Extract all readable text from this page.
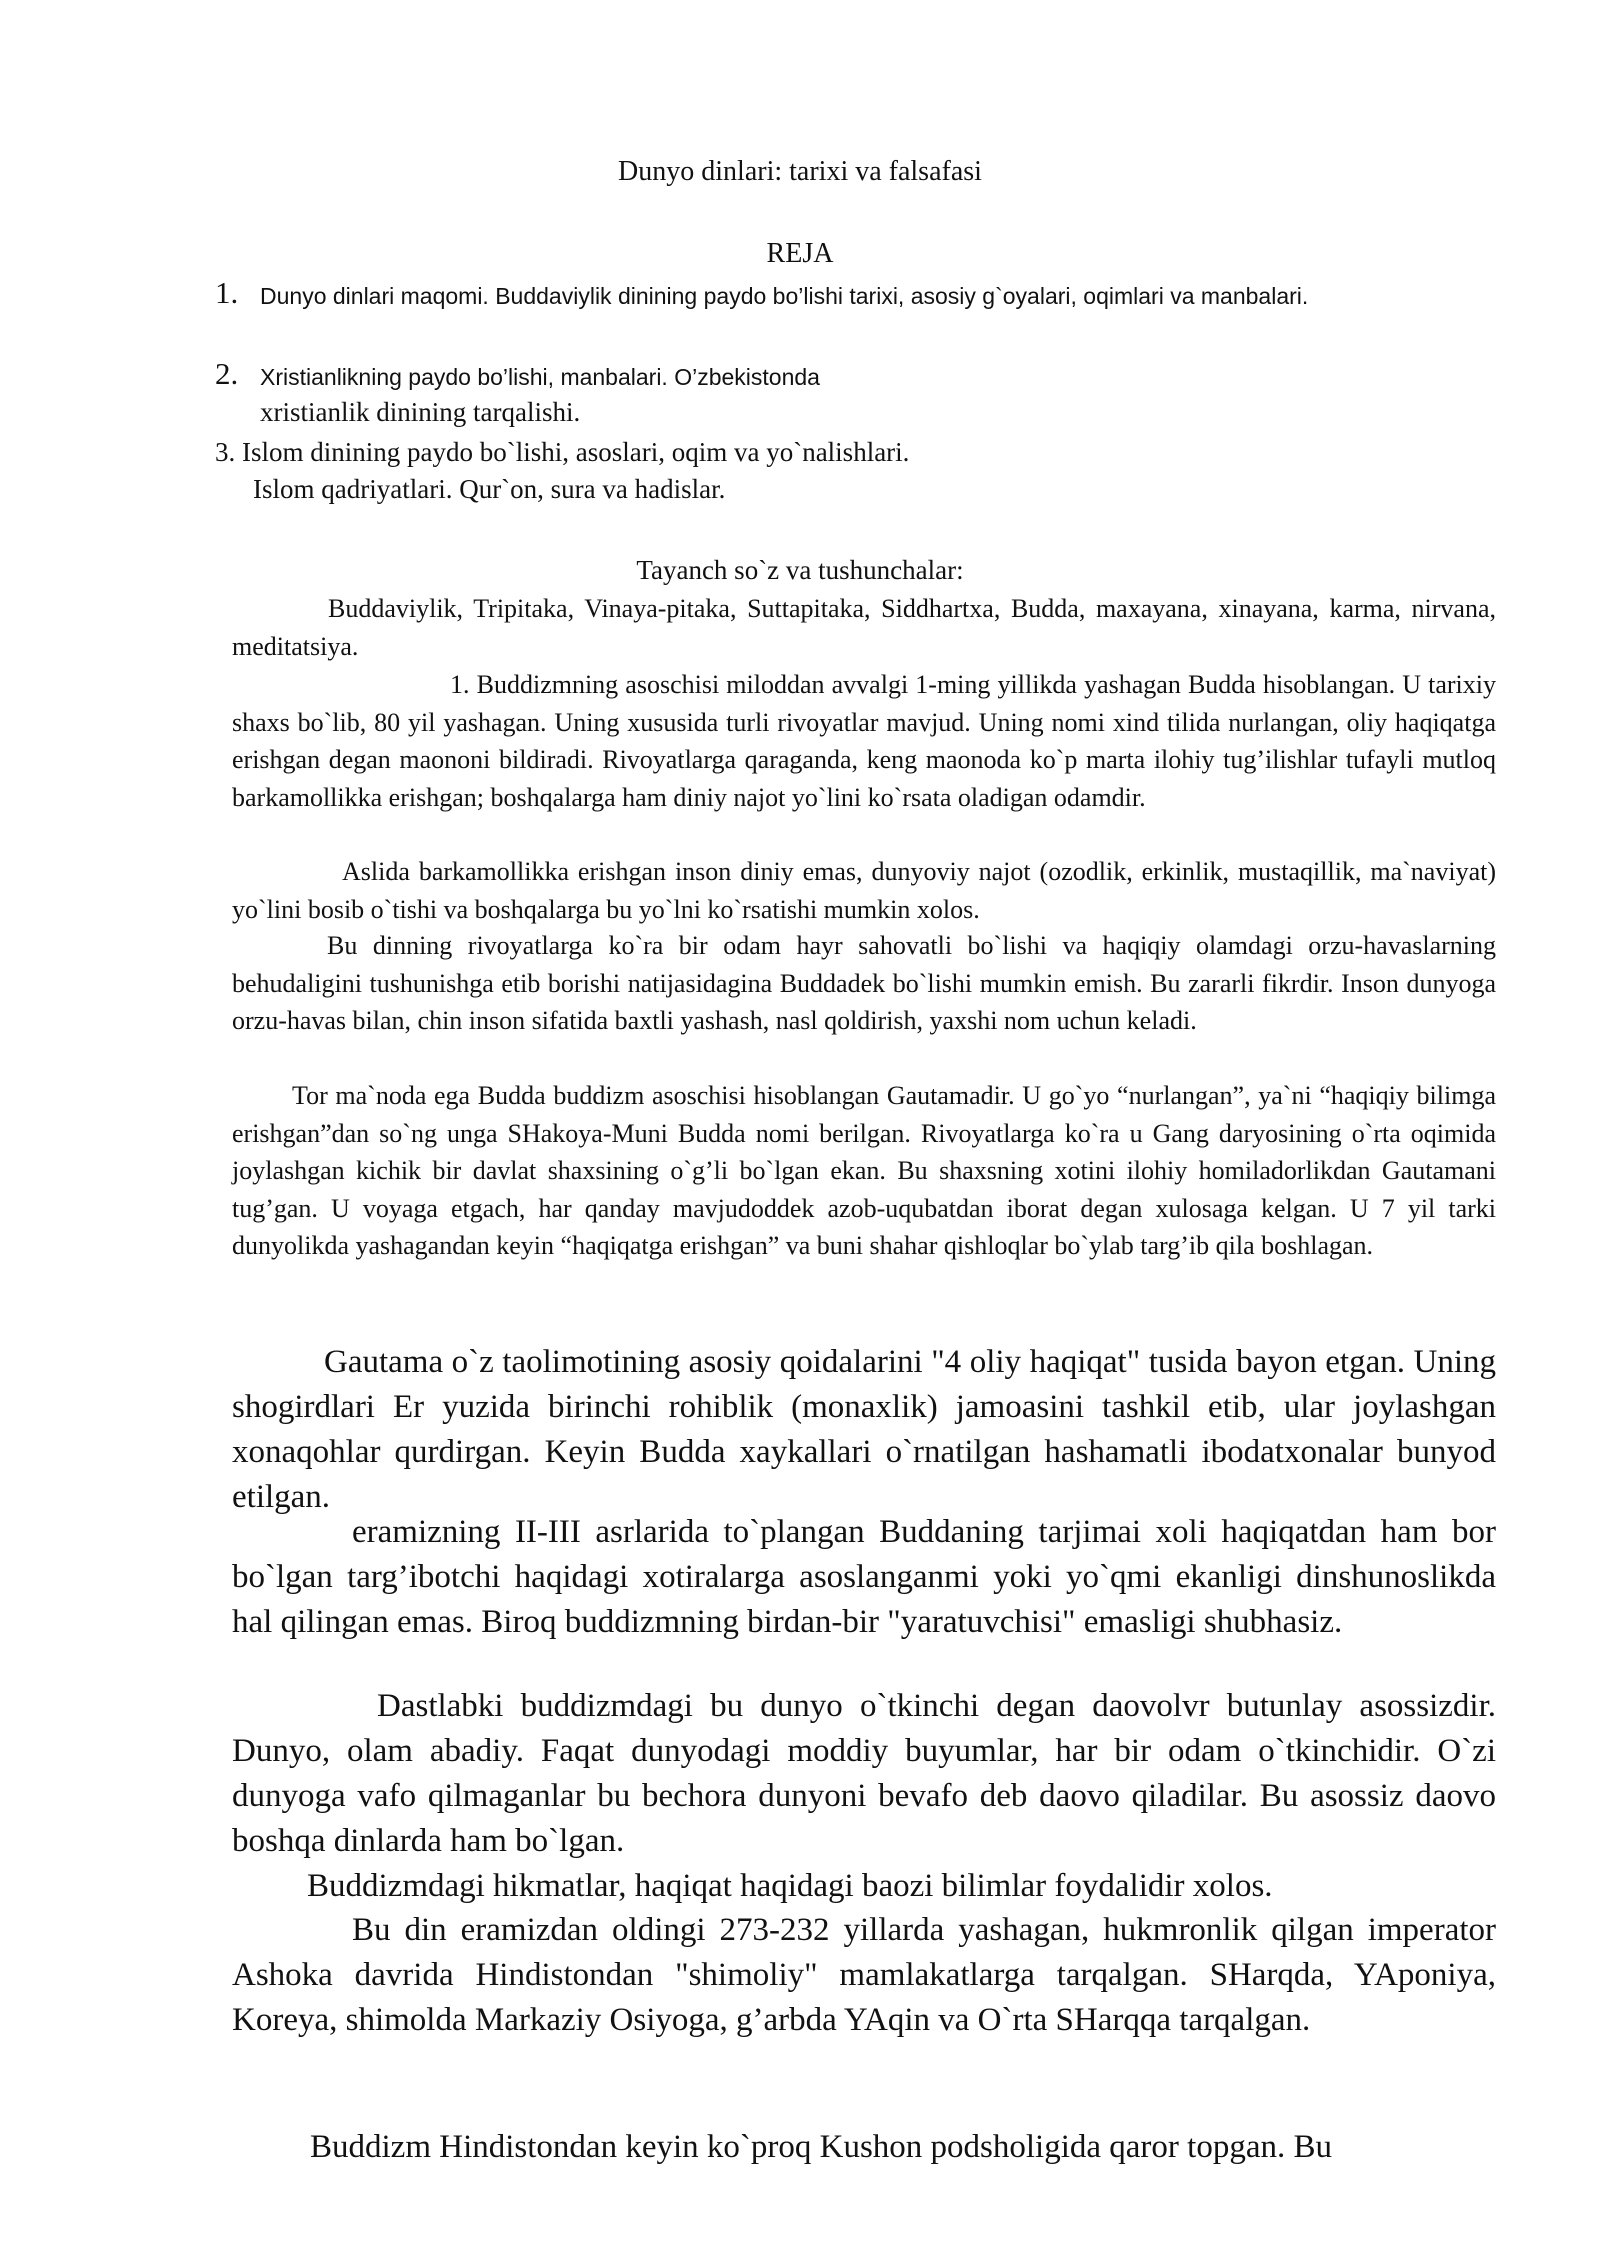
Dunyo dinlari: tarixi va falsafasi
REJA
1. Dunyo dinlari maqomi. Buddaviylik dinining paydo bo’lishi tarixi, asosiy g`oyalari, oqimlari va manbalari.
2. Xristianlikning paydo bo’lishi, manbalari. O’zbekistonda
xristianlik dinining tarqalishi.
3. Islom dinining paydo bo`lishi, asoslari, oqim va yo`nalishlari.
Islom qadriyatlari. Qur`on, sura va hadislar.
Tayanch so`z va tushunchalar:

Buddaviylik, Tripitaka, Vinaya-pitaka, Suttapitaka, Siddhartxa, Budda, maxayana, xinayana, karma, nirvana, meditatsiya.

1. Buddizmning asoschisi miloddan avvalgi 1-ming yillikda yashagan Budda hisoblangan. U tarixiy shaxs bo`lib, 80 yil yashagan. Uning xususida turli rivoyatlar mavjud. Uning nomi xind tilida nurlangan, oliy haqiqatga erishgan degan maononi bildiradi. Rivoyatlarga qaraganda, keng maonoda ko`p marta ilohiy tug’ilishlar tufayli mutloq barkamollikka erishgan; boshqalarga ham diniy najot yo`lini ko`rsata oladigan odamdir.

Aslida barkamollikka erishgan inson diniy emas, dunyoviy najot (ozodlik, erkinlik, mustaqillik, ma`naviyat) yo`lini bosib o`tishi va boshqalarga bu yo`lni ko`rsatishi mumkin xolos.

Bu dinning rivoyatlarga ko`ra bir odam hayr sahovatli bo`lishi va haqiqiy olamdagi orzu-havaslarning behudaligini tushunishga etib borishi natijasidagina Buddadek bo`lishi mumkin emish. Bu zararli fikrdir. Inson dunyoga orzu-havas bilan, chin inson sifatida baxtli yashash, nasl qoldirish, yaxshi nom uchun keladi.

Tor ma`noda ega Budda buddizm asoschisi hisoblangan Gautamadir. U go`yo “nurlangan”, ya`ni “haqiqiy bilimga erishgan”dan so`ng unga SHakoya-Muni Budda nomi berilgan. Rivoyatlarga ko`ra u Gang daryosining o`rta oqimida joylashgan kichik bir davlat shaxsining o`g’li bo`lgan ekan. Bu shaxsning xotini ilohiy homiladorlikdan Gautamani tug’gan. U voyaga etgach, har qanday mavjudoddek azob-uqubatdan iborat degan xulosaga kelgan. U 7 yil tarki dunyolikda yashagandan keyin “haqiqatga erishgan” va buni shahar qishloqlar bo`ylab targ’ib qila boshlagan.

Gautama o`z taolimotining asosiy qoidalarini "4 oliy haqiqat" tusida bayon etgan. Uning shogirdlari Er yuzida birinchi rohiblik (monaxlik) jamoasini tashkil etib, ular joylashgan xonaqohlar qurdirgan. Keyin Budda xaykallari o`rnatilgan hashamatli ibodatxonalar bunyod etilgan.

eramizning II-III asrlarida to`plangan Buddaning tarjimai xoli haqiqatdan ham bor bo`lgan targ’ibotchi haqidagi xotiralarga asoslanganmi yoki yo`qmi ekanligi dinshunoslikda hal qilingan emas. Biroq buddizmning birdan-bir "yaratuvchisi" emasligi shubhasiz.

Dastlabki buddizmdagi bu dunyo o`tkinchi degan daovolvr butunlay asossizdir. Dunyo, olam abadiy. Faqat dunyodagi moddiy buyumlar, har bir odam o`tkinchidir. O`zi dunyoga vafo qilmaganlar bu bechora dunyoni bevafo deb daovo qiladilar. Bu asossiz daovo boshqa dinlarda ham bo`lgan.

Buddizmdagi hikmatlar, haqiqat haqidagi baozi bilimlar foydalidir xolos.

Bu din eramizdan oldingi 273-232 yillarda yashagan, hukmronlik qilgan imperator Ashoka davrida Hindistondan "shimoliy" mamlakatlarga tarqalgan. SHarqda, YAponiya, Koreya, shimolda Markaziy Osiyoga, g’arbda YAqin va O`rta SHarqqa tarqalgan.

Buddizm Hindistondan keyin ko`proq Kushon podsholigida qaror topgan. Bu
